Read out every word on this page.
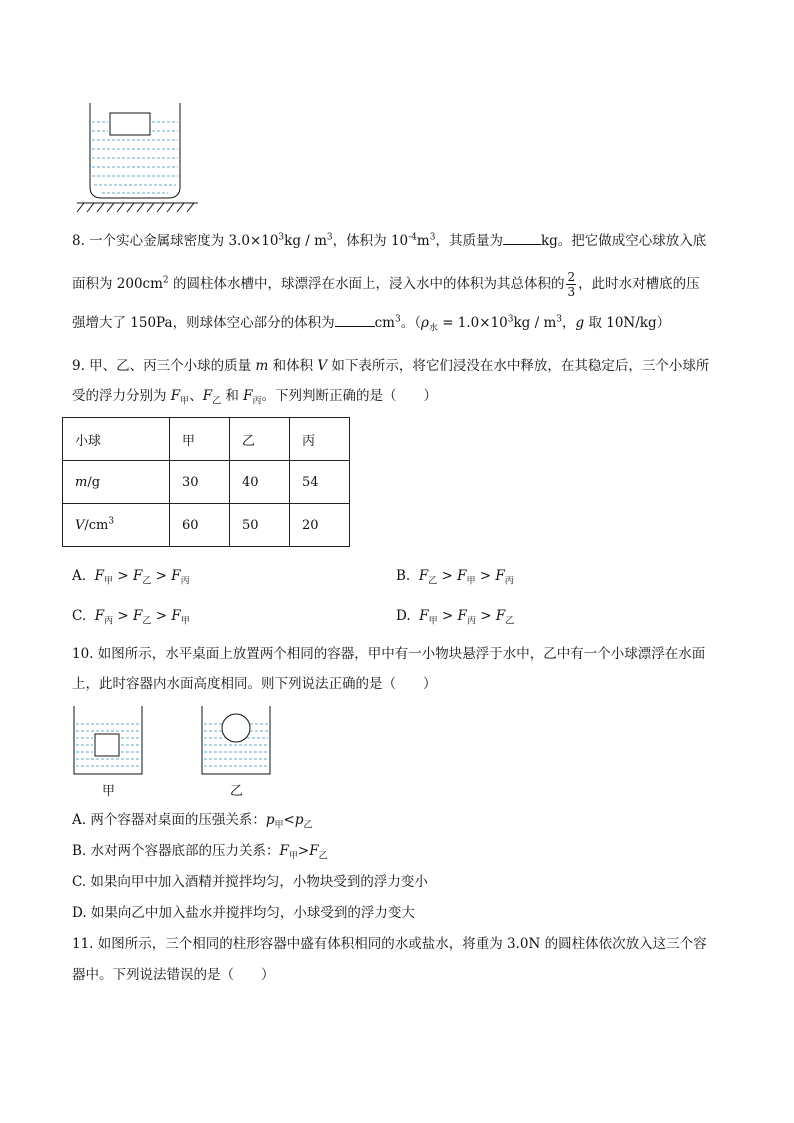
8. 一个实心金属球密度为 $3.0\times 10^3kg / m^3$，体积为 $10^{-4}m^3$，其质量为	kg。把它做成空心球放入底
面积为 $200cm^2$ 的圆柱体水槽中，球漂浮在水面上，浸入水中的体积为其总体积的 $\frac{2}{3}$ ，此时水对槽底的压
强增大了 150Pa，则球体空心部分的体积为	$cm^3$。（$\rho_水 = 1.0\times 10^3kg / m^3$，g 取 10N/kg）
9. 甲、乙、丙三个小球的质量 m 和体积 V 如下表所示，将它们浸没在水中释放，在其稳定后，三个小球所
受的浮力分别为 $F_甲$、$F_乙$ 和 $F_丙$。下列判断正确的是（　　）
小球	甲	乙	丙
m/g	30	40	54
$V/cm^3$	60	50	20
A. $F_甲 > F_乙 > F_丙$	B. $F_乙 > F_甲 > F_丙$
C. $F_丙 > F_乙 > F_甲$	D. $F_甲 > F_丙 > F_乙$
10. 如图所示，水平桌面上放置两个相同的容器，甲中有一小物块悬浮于水中，乙中有一个小球漂浮在水面
上，此时容器内水面高度相同。则下列说法正确的是（　　）
甲	乙
A. 两个容器对桌面的压强关系：$p_甲<p_乙$
B. 水对两个容器底部的压力关系：$F_甲>F_乙$
C. 如果向甲中加入酒精并搅拌均匀，小物块受到的浮力变小
D. 如果向乙中加入盐水并搅拌均匀，小球受到的浮力变大
11. 如图所示，三个相同的柱形容器中盛有体积相同的水或盐水，将重为 3.0N 的圆柱体依次放入这三个容
器中。下列说法错误的是（　　）
